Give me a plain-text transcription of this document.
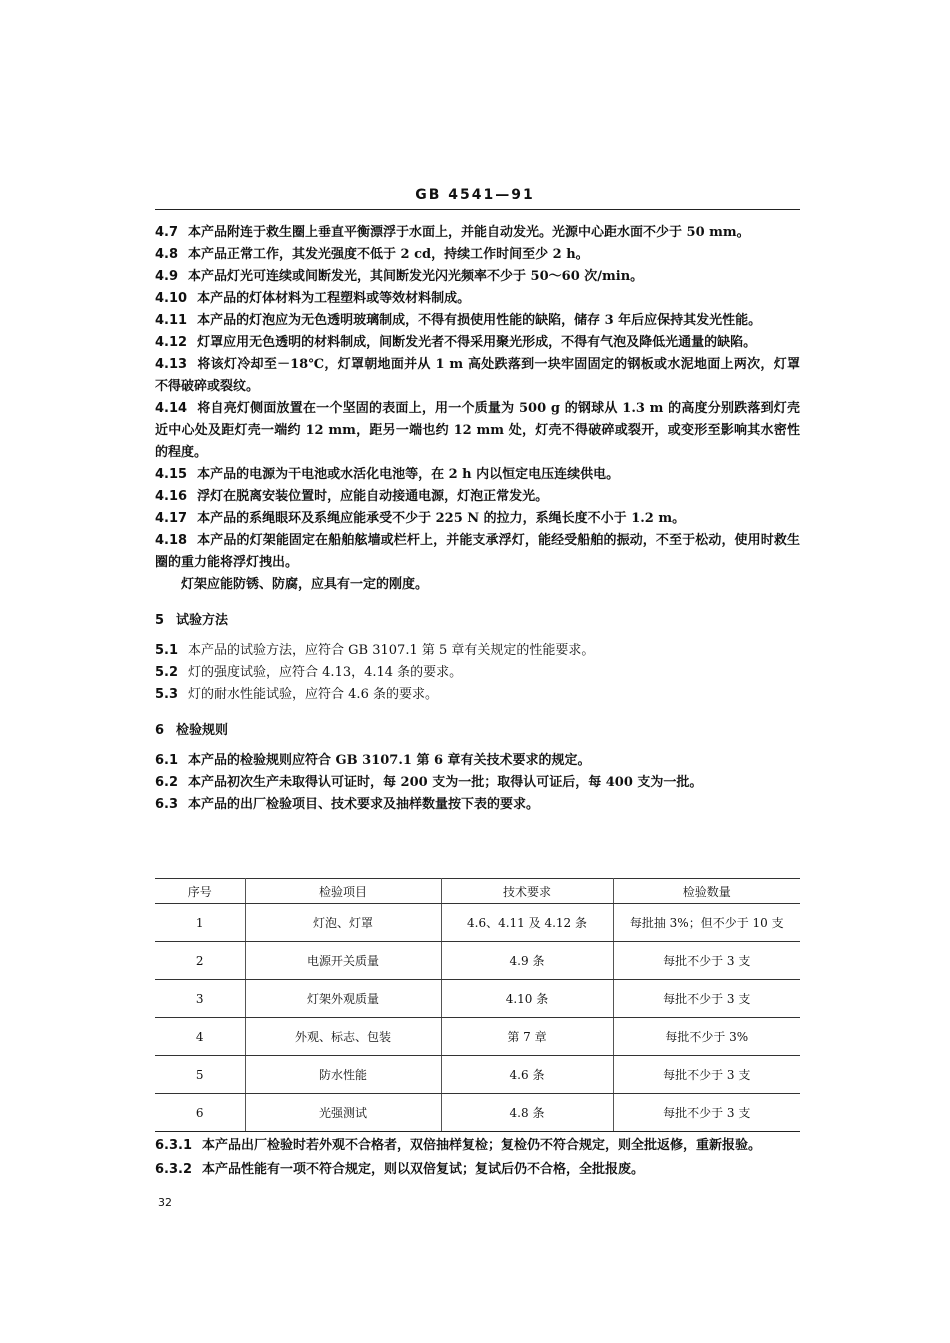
GB 4541—91

4.7 本产品附连于救生圈上垂直平衡漂浮于水面上，并能自动发光。光源中心距水面不少于 50 mm。

4.8 本产品正常工作，其发光强度不低于 2 cd，持续工作时间至少 2 h。

4.9 本产品灯光可连续或间断发光，其间断发光闪光频率不少于 50～60 次/min。

4.10 本产品的灯体材料为工程塑料或等效材料制成。

4.11 本产品的灯泡应为无色透明玻璃制成，不得有损使用性能的缺陷，储存 3 年后应保持其发光性能。

4.12 灯罩应用无色透明的材料制成，间断发光者不得采用聚光形成，不得有气泡及降低光通量的缺陷。

4.13 将该灯冷却至－18℃，灯罩朝地面并从 1 m 高处跌落到一块牢固固定的钢板或水泥地面上两次，灯罩不得破碎或裂纹。

4.14 将自亮灯侧面放置在一个坚固的表面上，用一个质量为 500 g 的钢球从 1.3 m 的高度分别跌落到灯壳近中心处及距灯壳一端约 12 mm，距另一端也约 12 mm 处，灯壳不得破碎或裂开，或变形至影响其水密性的程度。

4.15 本产品的电源为干电池或水活化电池等，在 2 h 内以恒定电压连续供电。

4.16 浮灯在脱离安装位置时，应能自动接通电源，灯泡正常发光。

4.17 本产品的系绳眼环及系绳应能承受不少于 225 N 的拉力，系绳长度不小于 1.2 m。

4.18 本产品的灯架能固定在船舶舷墙或栏杆上，并能支承浮灯，能经受船舶的振动，不至于松动，使用时救生圈的重力能将浮灯拽出。

灯架应能防锈、防腐，应具有一定的刚度。

5 试验方法

5.1 本产品的试验方法，应符合 GB 3107.1 第 5 章有关规定的性能要求。

5.2 灯的强度试验，应符合 4.13，4.14 条的要求。

5.3 灯的耐水性能试验，应符合 4.6 条的要求。

6 检验规则

6.1 本产品的检验规则应符合 GB 3107.1 第 6 章有关技术要求的规定。

6.2 本产品初次生产未取得认可证时，每 200 支为一批；取得认可证后，每 400 支为一批。

6.3 本产品的出厂检验项目、技术要求及抽样数量按下表的要求。

序号	检验项目	技术要求	检验数量
1	灯泡、灯罩	4.6、4.11 及 4.12 条	每批抽 3%；但不少于 10 支
2	电源开关质量	4.9 条	每批不少于 3 支
3	灯架外观质量	4.10 条	每批不少于 3 支
4	外观、标志、包装	第 7 章	每批不少于 3%
5	防水性能	4.6 条	每批不少于 3 支
6	光强测试	4.8 条	每批不少于 3 支

6.3.1 本产品出厂检验时若外观不合格者，双倍抽样复检；复检仍不符合规定，则全批返修，重新报验。

6.3.2 本产品性能有一项不符合规定，则以双倍复试；复试后仍不合格，全批报废。

32
